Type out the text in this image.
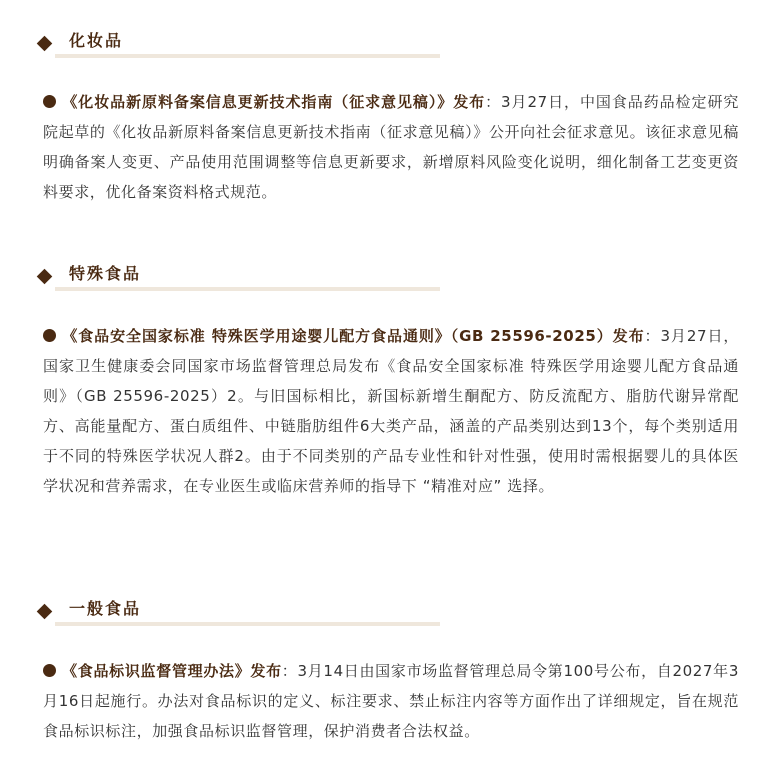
化妆品
《化妆品新原料备案信息更新技术指南（征求意见稿）》发布：3月27日，中国食品药品检定研究院起草的《化妆品新原料备案信息更新技术指南（征求意见稿）》公开向社会征求意见。该征求意见稿明确备案人变更、产品使用范围调整等信息更新要求，新增原料风险变化说明，细化制备工艺变更资料要求，优化备案资料格式规范。
特殊食品
《食品安全国家标准 特殊医学用途婴儿配方食品通则》（GB 25596-2025）发布：3月27日，国家卫生健康委会同国家市场监督管理总局发布《食品安全国家标准 特殊医学用途婴儿配方食品通则》（GB 25596-2025）2。与旧国标相比，新国标新增生酮配方、防反流配方、脂肪代谢异常配方、高能量配方、蛋白质组件、中链脂肪组件6大类产品，涵盖的产品类别达到13个，每个类别适用于不同的特殊医学状况人群2。由于不同类别的产品专业性和针对性强，使用时需根据婴儿的具体医学状况和营养需求，在专业医生或临床营养师的指导下 “精准对应” 选择。
一般食品
《食品标识监督管理办法》发布：3月14日由国家市场监督管理总局令第100号公布，自2027年3月16日起施行。办法对食品标识的定义、标注要求、禁止标注内容等方面作出了详细规定，旨在规范食品标识标注，加强食品标识监督管理，保护消费者合法权益。
